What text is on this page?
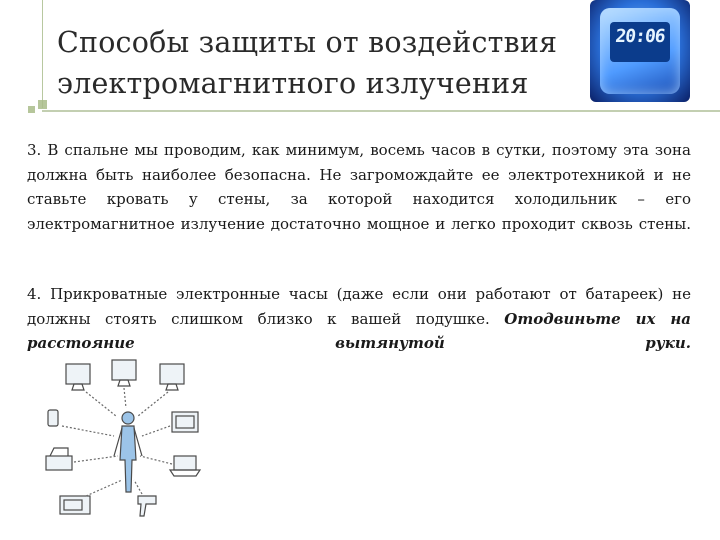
Способы защиты от воздействия
электромагнитного излучения
20:06

3. В спальне мы проводим, как минимум, восемь часов в сутки, поэтому эта зона должна быть наиболее безопасна. Не загромождайте ее электротехникой и не ставьте кровать у стены, за которой находится холодильник – его электромагнитное излучение достаточно мощное и легко проходит сквозь стены.

4. Прикроватные электронные часы (даже если они работают от батареек) не должны стоять слишком близко к вашей подушке. Отодвиньте их на расстояние вытянутой руки.
